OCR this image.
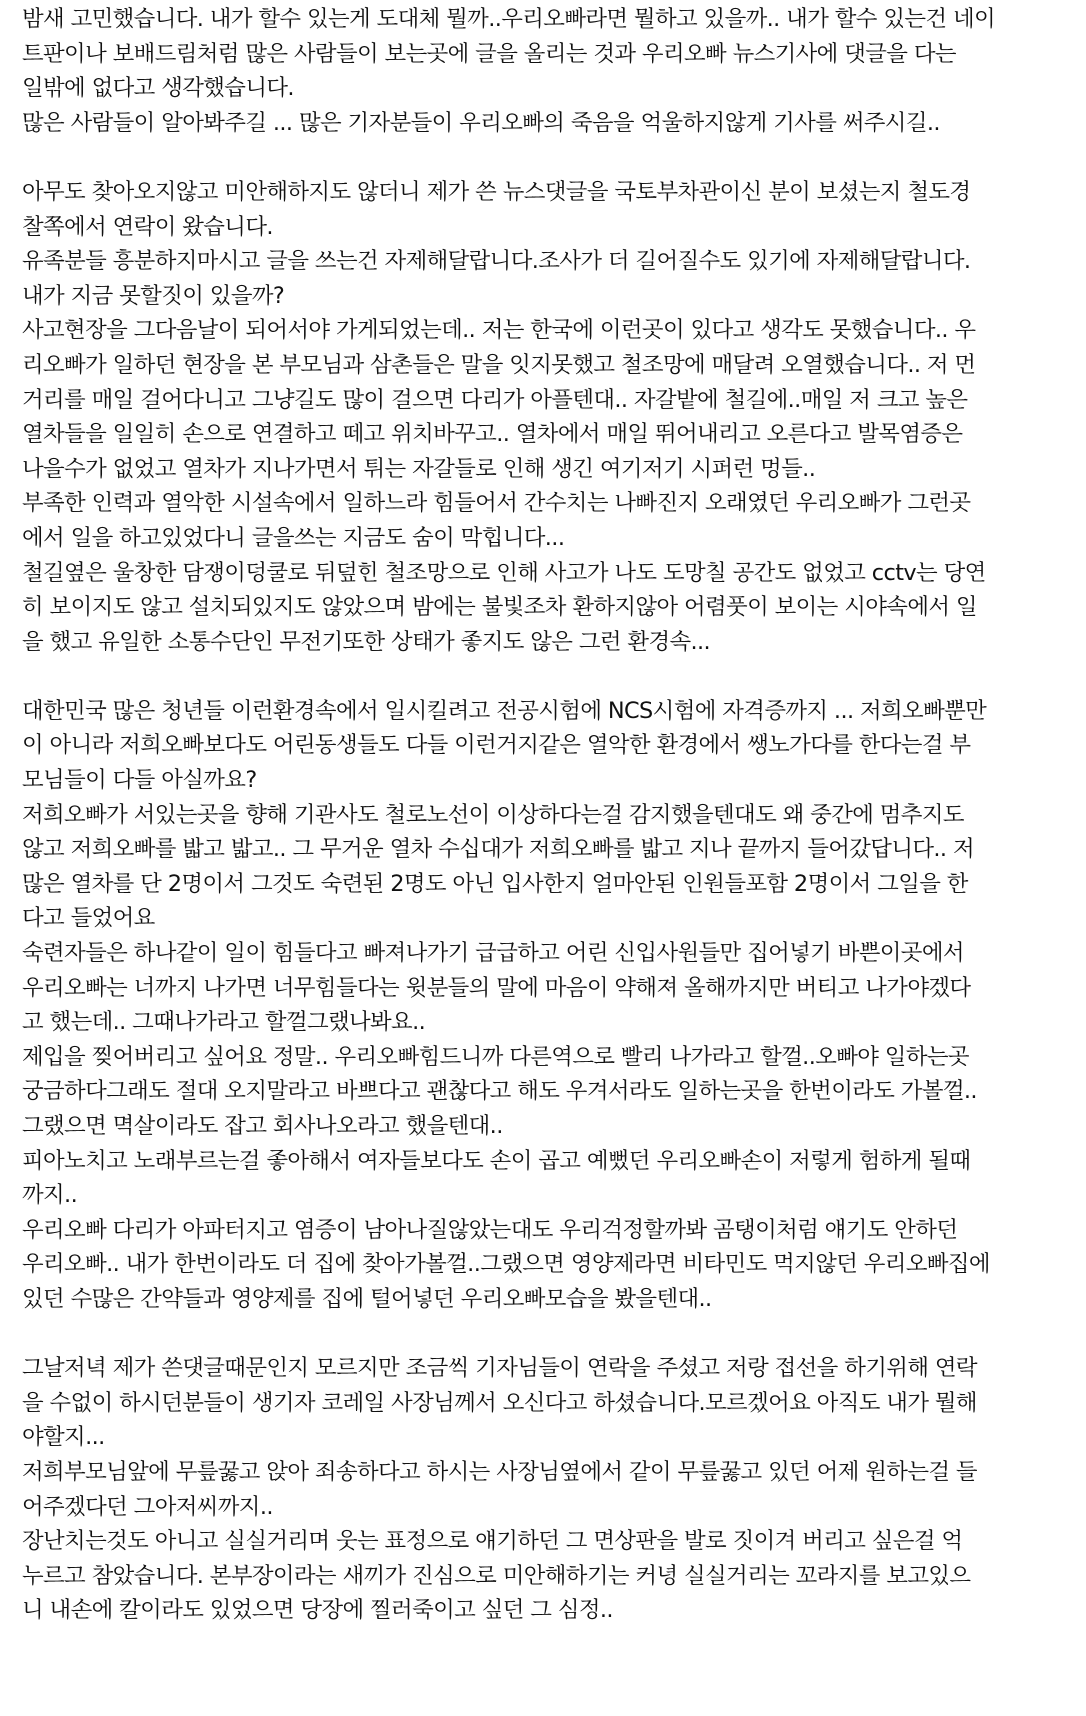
밤새 고민했습니다. 내가 할수 있는게 도대체 뭘까..우리오빠라면 뭘하고 있을까.. 내가 할수 있는건 네이
트판이나 보배드림처럼 많은 사람들이 보는곳에 글을 올리는 것과 우리오빠 뉴스기사에 댓글을 다는
일밖에 없다고 생각했습니다.
많은 사람들이 알아봐주길 ... 많은 기자분들이 우리오빠의 죽음을 억울하지않게 기사를 써주시길..
아무도 찾아오지않고 미안해하지도 않더니 제가 쓴 뉴스댓글을 국토부차관이신 분이 보셨는지 철도경
찰쪽에서 연락이 왔습니다.
유족분들 흥분하지마시고 글을 쓰는건 자제해달랍니다.조사가 더 길어질수도 있기에 자제해달랍니다.
내가 지금 못할짓이 있을까?
사고현장을 그다음날이 되어서야 가게되었는데.. 저는 한국에 이런곳이 있다고 생각도 못했습니다.. 우
리오빠가 일하던 현장을 본 부모님과 삼촌들은 말을 잇지못했고 철조망에 매달려 오열했습니다.. 저 먼
거리를 매일 걸어다니고 그냥길도 많이 걸으면 다리가 아플텐대.. 자갈밭에 철길에..매일 저 크고 높은
열차들을 일일히 손으로 연결하고 떼고 위치바꾸고.. 열차에서 매일 뛰어내리고 오른다고 발목염증은
나을수가 없었고 열차가 지나가면서 튀는 자갈들로 인해 생긴 여기저기 시퍼런 멍들..
부족한 인력과 열악한 시설속에서 일하느라 힘들어서 간수치는 나빠진지 오래였던 우리오빠가 그런곳
에서 일을 하고있었다니 글을쓰는 지금도 숨이 막힙니다...
철길옆은 울창한 담쟁이덩쿨로 뒤덮힌 철조망으로 인해 사고가 나도 도망칠 공간도 없었고 cctv는 당연
히 보이지도 않고 설치되있지도 않았으며 밤에는 불빛조차 환하지않아 어렴풋이 보이는 시야속에서 일
을 했고 유일한 소통수단인 무전기또한 상태가 좋지도 않은 그런 환경속...
대한민국 많은 청년들 이런환경속에서 일시킬려고 전공시험에 NCS시험에 자격증까지 ... 저희오빠뿐만
이 아니라 저희오빠보다도 어린동생들도 다들 이런거지같은 열악한 환경에서 쌩노가다를 한다는걸 부
모님들이 다들 아실까요?
저희오빠가 서있는곳을 향해 기관사도 철로노선이 이상하다는걸 감지했을텐대도 왜 중간에 멈추지도
않고 저희오빠를 밟고 밟고.. 그 무거운 열차 수십대가 저희오빠를 밟고 지나 끝까지 들어갔답니다.. 저
많은 열차를 단 2명이서 그것도 숙련된 2명도 아닌 입사한지 얼마안된 인원들포함 2명이서 그일을 한
다고 들었어요
숙련자들은 하나같이 일이 힘들다고 빠져나가기 급급하고 어린 신입사원들만 집어넣기 바쁜이곳에서
우리오빠는 너까지 나가면 너무힘들다는 윗분들의 말에 마음이 약해져 올해까지만 버티고 나가야겠다
고 했는데.. 그때나가라고 할껄그랬나봐요..
제입을 찢어버리고 싶어요 정말.. 우리오빠힘드니까 다른역으로 빨리 나가라고 할껄..오빠야 일하는곳
궁금하다그래도 절대 오지말라고 바쁘다고 괜찮다고 해도 우겨서라도 일하는곳을 한번이라도 가볼껄..
그랬으면 멱살이라도 잡고 회사나오라고 했을텐대..
피아노치고 노래부르는걸 좋아해서 여자들보다도 손이 곱고 예뻤던 우리오빠손이 저렇게 험하게 될때
까지..
우리오빠 다리가 아파터지고 염증이 남아나질않았는대도 우리걱정할까봐 곰탱이처럼 얘기도 안하던
우리오빠.. 내가 한번이라도 더 집에 찾아가볼껄..그랬으면 영양제라면 비타민도 먹지않던 우리오빠집에
있던 수많은 간약들과 영양제를 집에 털어넣던 우리오빠모습을 봤을텐대..
그날저녁 제가 쓴댓글때문인지 모르지만 조금씩 기자님들이 연락을 주셨고 저랑 접선을 하기위해 연락
을 수없이 하시던분들이 생기자 코레일 사장님께서 오신다고 하셨습니다.모르겠어요 아직도 내가 뭘해
야할지...
저희부모님앞에 무릎꿇고 앉아 죄송하다고 하시는 사장님옆에서 같이 무릎꿇고 있던 어제 원하는걸 들
어주겠다던 그아저씨까지..
장난치는것도 아니고 실실거리며 웃는 표정으로 얘기하던 그 면상판을 발로 짓이겨 버리고 싶은걸 억
누르고 참았습니다. 본부장이라는 새끼가 진심으로 미안해하기는 커녕 실실거리는 꼬라지를 보고있으
니 내손에 칼이라도 있었으면 당장에 찔러죽이고 싶던 그 심정..
